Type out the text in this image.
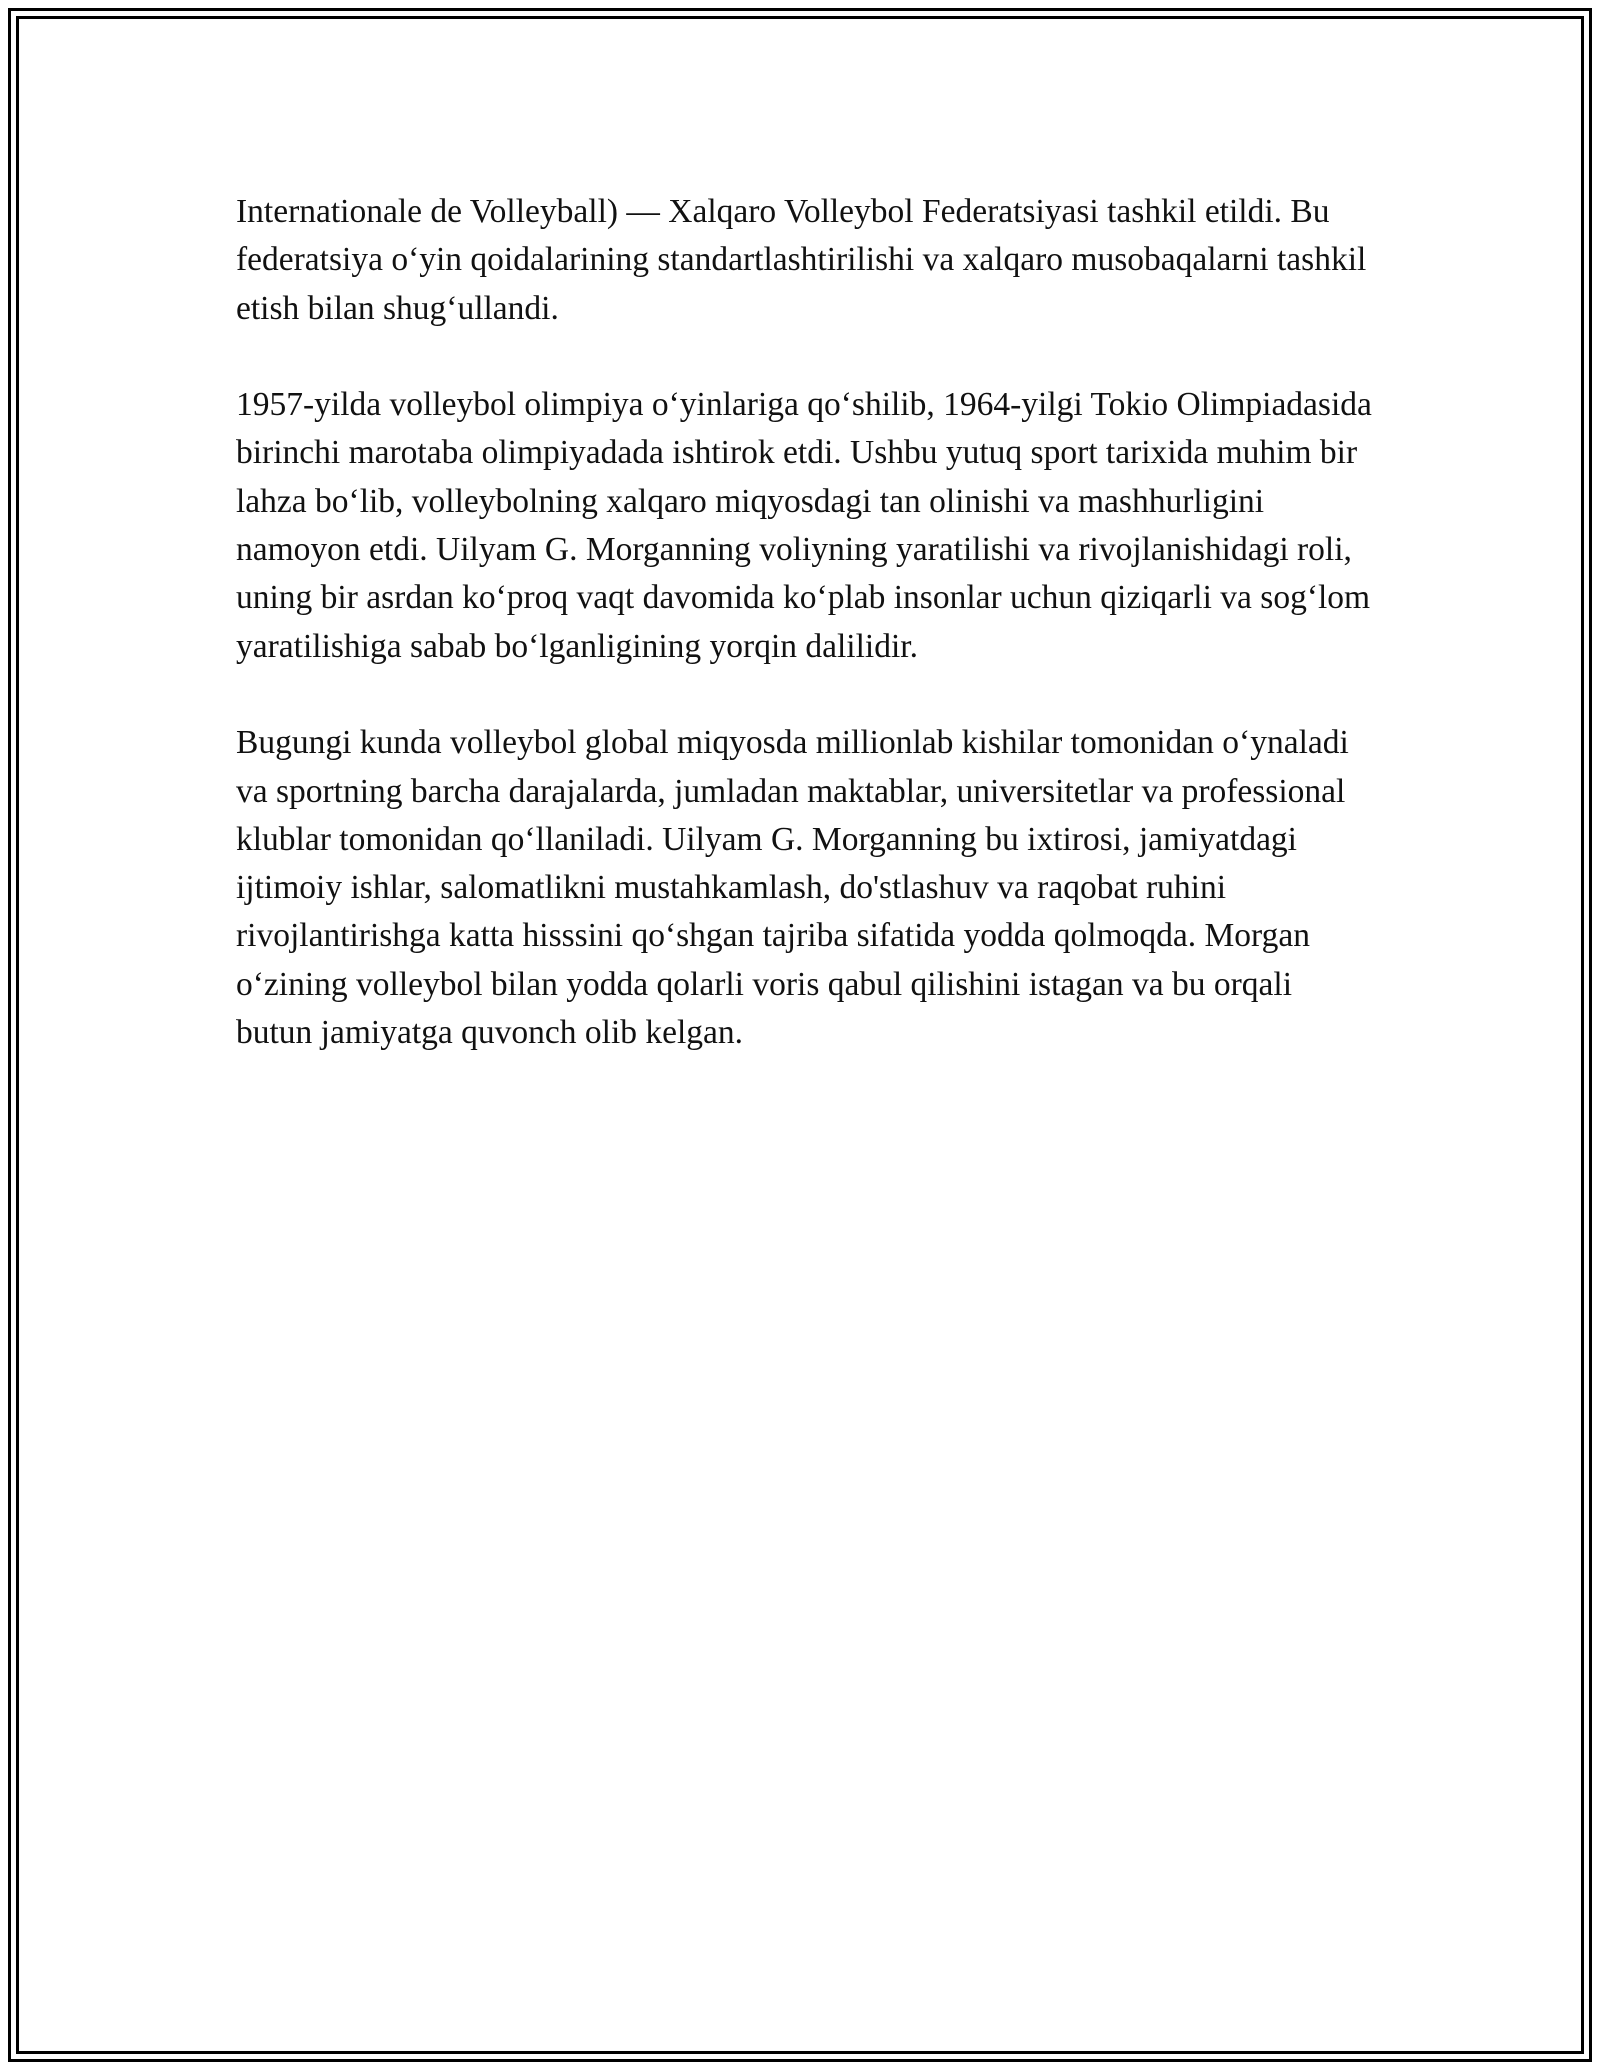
Internationale de Volleyball) — Xalqaro Volleybol Federatsiyasi tashkil etildi. Bu federatsiya o‘yin qoidalarining standartlashtirilishi va xalqaro musobaqalarni tashkil etish bilan shug‘ullandi.

1957-yilda volleybol olimpiya o‘yinlariga qo‘shilib, 1964-yilgi Tokio Olimpiadasida birinchi marotaba olimpiyadada ishtirok etdi. Ushbu yutuq sport tarixida muhim bir lahza bo‘lib, volleybolning xalqaro miqyosdagi tan olinishi va mashhurligini namoyon etdi. Uilyam G. Morganning voliyning yaratilishi va rivojlanishidagi roli, uning bir asrdan ko‘proq vaqt davomida ko‘plab insonlar uchun qiziqarli va sog‘lom yaratilishiga sabab bo‘lganligining yorqin dalilidir.

Bugungi kunda volleybol global miqyosda millionlab kishilar tomonidan o‘ynaladi va sportning barcha darajalarda, jumladan maktablar, universitetlar va professional klublar tomonidan qo‘llaniladi. Uilyam G. Morganning bu ixtirosi, jamiyatdagi ijtimoiy ishlar, salomatlikni mustahkamlash, do'stlashuv va raqobat ruhini rivojlantirishga katta hisssini qo‘shgan tajriba sifatida yodda qolmoqda. Morgan o‘zining volleybol bilan yodda qolarli voris qabul qilishini istagan va bu orqali butun jamiyatga quvonch olib kelgan.
